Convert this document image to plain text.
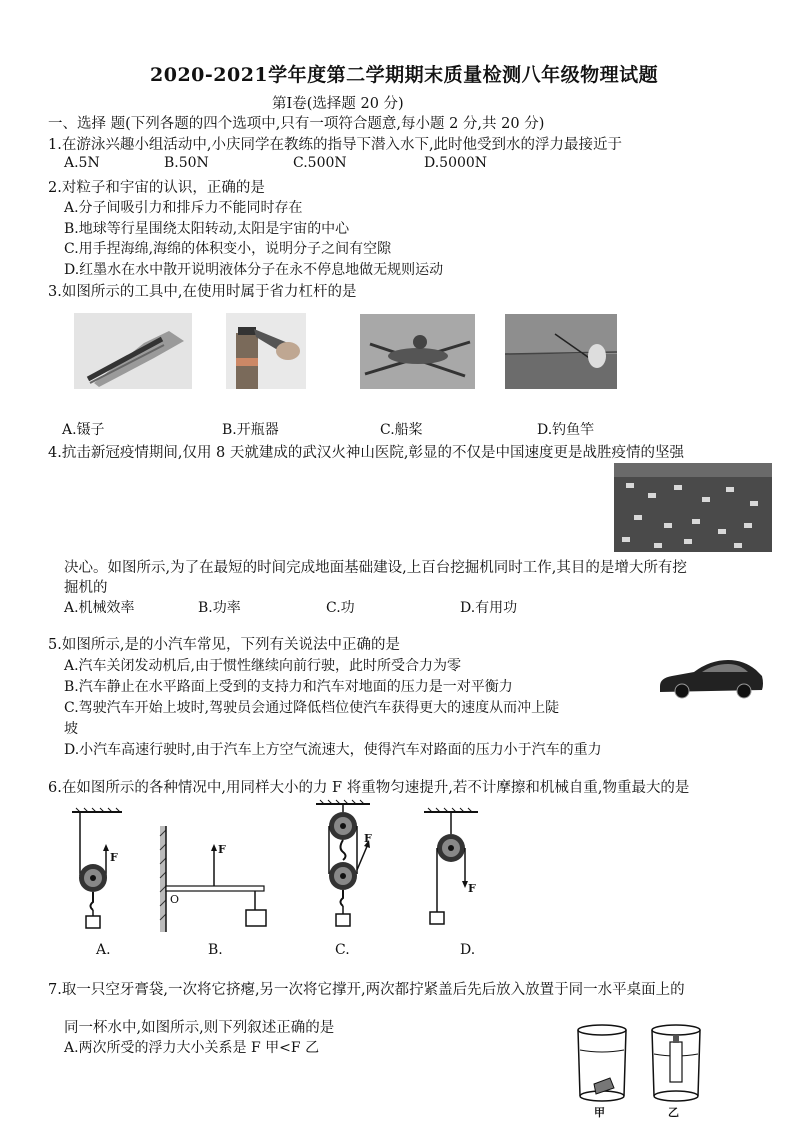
2020-2021学年度第二学期期末质量检测八年级物理试题
第Ⅰ卷(选择题 20 分)
一、选择 题(下列各题的四个选项中,只有一项符合题意,每小题 2 分,共 20 分)
1.在游泳兴趣小组活动中,小庆同学在教练的指导下潜入水下,此时他受到水的浮力最接近于
A.5N	B.50N	C.500N	D.5000N
2.对粒子和宇宙的认识，正确的是
A.分子间吸引力和排斥力不能同时存在
B.地球等行星围绕太阳转动,太阳是宇宙的中心
C.用手捏海绵,海绵的体积变小，说明分子之间有空隙
D.红墨水在水中散开说明液体分子在永不停息地做无规则运动
3.如图所示的工具中,在使用时属于省力杠杆的是
A.镊子	B.开瓶器	C.船桨	D.钓鱼竿
4.抗击新冠疫情期间,仅用 8 天就建成的武汉火神山医院,彰显的不仅是中国速度更是战胜疫情的坚强
决心。如图所示,为了在最短的时间完成地面基础建设,上百台挖掘机同时工作,其目的是增大所有挖
掘机的
A.机械效率	B.功率	C.功	D.有用功
5.如图所示,是的小汽车常见，下列有关说法中正确的是
A.汽车关闭发动机后,由于惯性继续向前行驶，此时所受合力为零
B.汽车静止在水平路面上受到的支持力和汽车对地面的压力是一对平衡力
C.驾驶汽车开始上坡时,驾驶员会通过降低档位使汽车获得更大的速度从而冲上陡
坡
D.小汽车高速行驶时,由于汽车上方空气流速大，使得汽车对路面的压力小于汽车的重力
6.在如图所示的各种情况中,用同样大小的力 F 将重物匀速提升,若不计摩擦和机械自重,物重最大的是
F
F
O
F
F
A.	B.	C.	D.
7.取一只空牙膏袋,一次将它挤瘪,另一次将它撑开,两次都拧紧盖后先后放入放置于同一水平桌面上的
同一杯水中,如图所示,则下列叙述正确的是
A.两次所受的浮力大小关系是 F 甲<F 乙
甲	乙
